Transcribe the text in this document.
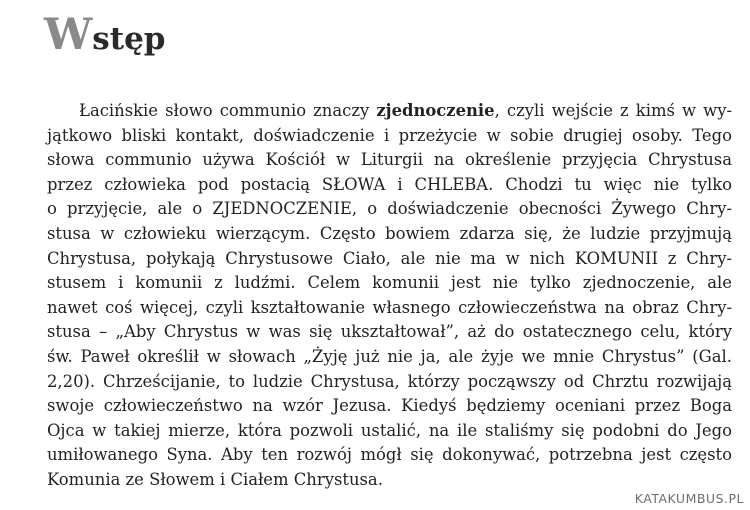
Wstęp
Łacińskie słowo communio znaczy zjednoczenie, czyli wejście z kimś w wy-
jątkowo bliski kontakt, doświadczenie i przeżycie w sobie drugiej osoby. Tego
słowa communio używa Kościół w Liturgii na określenie przyjęcia Chrystusa
przez człowieka pod postacią SŁOWA i CHLEBA. Chodzi tu więc nie tylko
o przyjęcie, ale o ZJEDNOCZENIE, o doświadczenie obecności Żywego Chry-
stusa w człowieku wierzącym. Często bowiem zdarza się, że ludzie przyjmują
Chrystusa, połykają Chrystusowe Ciało, ale nie ma w nich KOMUNII z Chry-
stusem i komunii z ludźmi. Celem komunii jest nie tylko zjednoczenie, ale
nawet coś więcej, czyli kształtowanie własnego człowieczeństwa na obraz Chry-
stusa – „Aby Chrystus w was się ukształtował”, aż do ostatecznego celu, który
św. Paweł określił w słowach „Żyję już nie ja, ale żyje we mnie Chrystus” (Gal.
2,20). Chrześcijanie, to ludzie Chrystusa, którzy począwszy od Chrztu rozwijają
swoje człowieczeństwo na wzór Jezusa. Kiedyś będziemy oceniani przez Boga
Ojca w takiej mierze, która pozwoli ustalić, na ile staliśmy się podobni do Jego
umiłowanego Syna. Aby ten rozwój mógł się dokonywać, potrzebna jest często
Komunia ze Słowem i Ciałem Chrystusa.
KATAKUMBUS.PL
